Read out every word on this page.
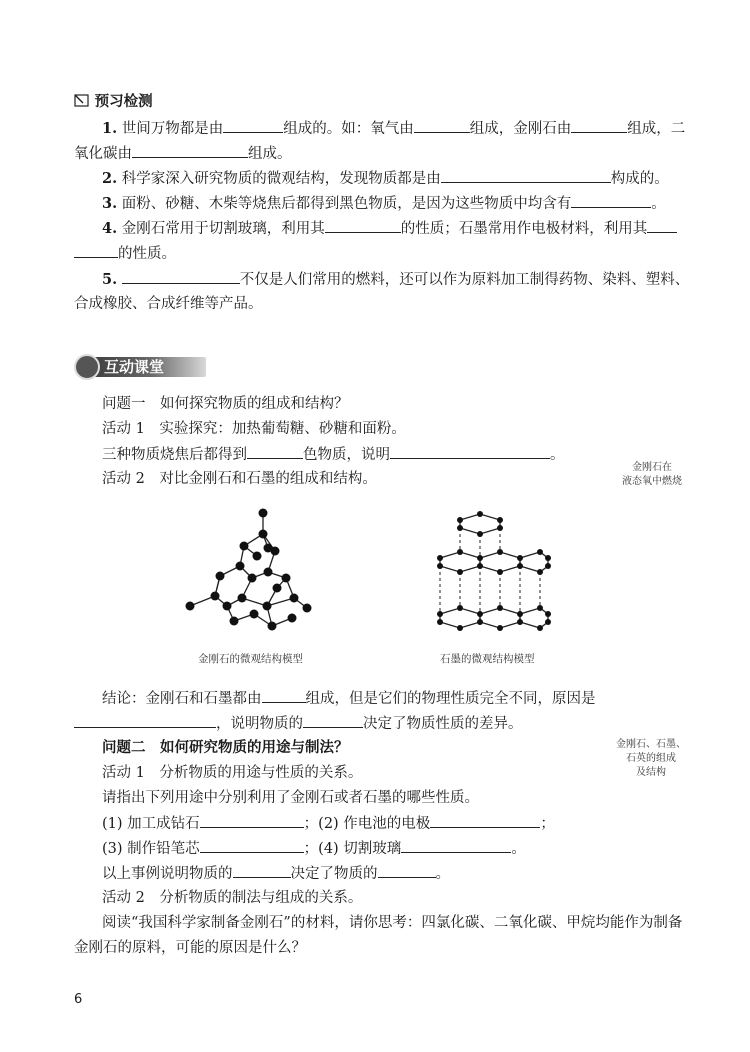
预习检测
1. 世间万物都是由	组成的。如：氧气由	组成，金刚石由	组成，二
氧化碳由	组成。
2. 科学家深入研究物质的微观结构，发现物质都是由	构成的。
3. 面粉、砂糖、木柴等烧焦后都得到黑色物质，是因为这些物质中均含有	。
4. 金刚石常用于切割玻璃，利用其	的性质；石墨常用作电极材料，利用其
的性质。
5.	不仅是人们常用的燃料，还可以作为原料加工制得药物、染料、塑料、
合成橡胶、合成纤维等产品。
互动课堂
问题一　如何探究物质的组成和结构？
活动 1　实验探究：加热葡萄糖、砂糖和面粉。
三种物质烧焦后都得到	色物质，说明	。
活动 2　对比金刚石和石墨的组成和结构。
金刚石在
液态氧中燃烧
金刚石的微观结构模型	石墨的微观结构模型
结论：金刚石和石墨都由	组成，但是它们的物理性质完全不同，原因是
，说明物质的	决定了物质性质的差异。
问题二　如何研究物质的用途与制法？	金刚石、石墨、
石英的组成
及结构
活动 1　分析物质的用途与性质的关系。
请指出下列用途中分别利用了金刚石或者石墨的哪些性质。
(1) 加工成钻石	；(2) 作电池的电极	；
(3) 制作铅笔芯	；(4) 切割玻璃	。
以上事例说明物质的	决定了物质的	。
活动 2　分析物质的制法与组成的关系。
阅读“我国科学家制备金刚石”的材料，请你思考：四氯化碳、二氧化碳、甲烷均能作为制备
金刚石的原料，可能的原因是什么？
6
